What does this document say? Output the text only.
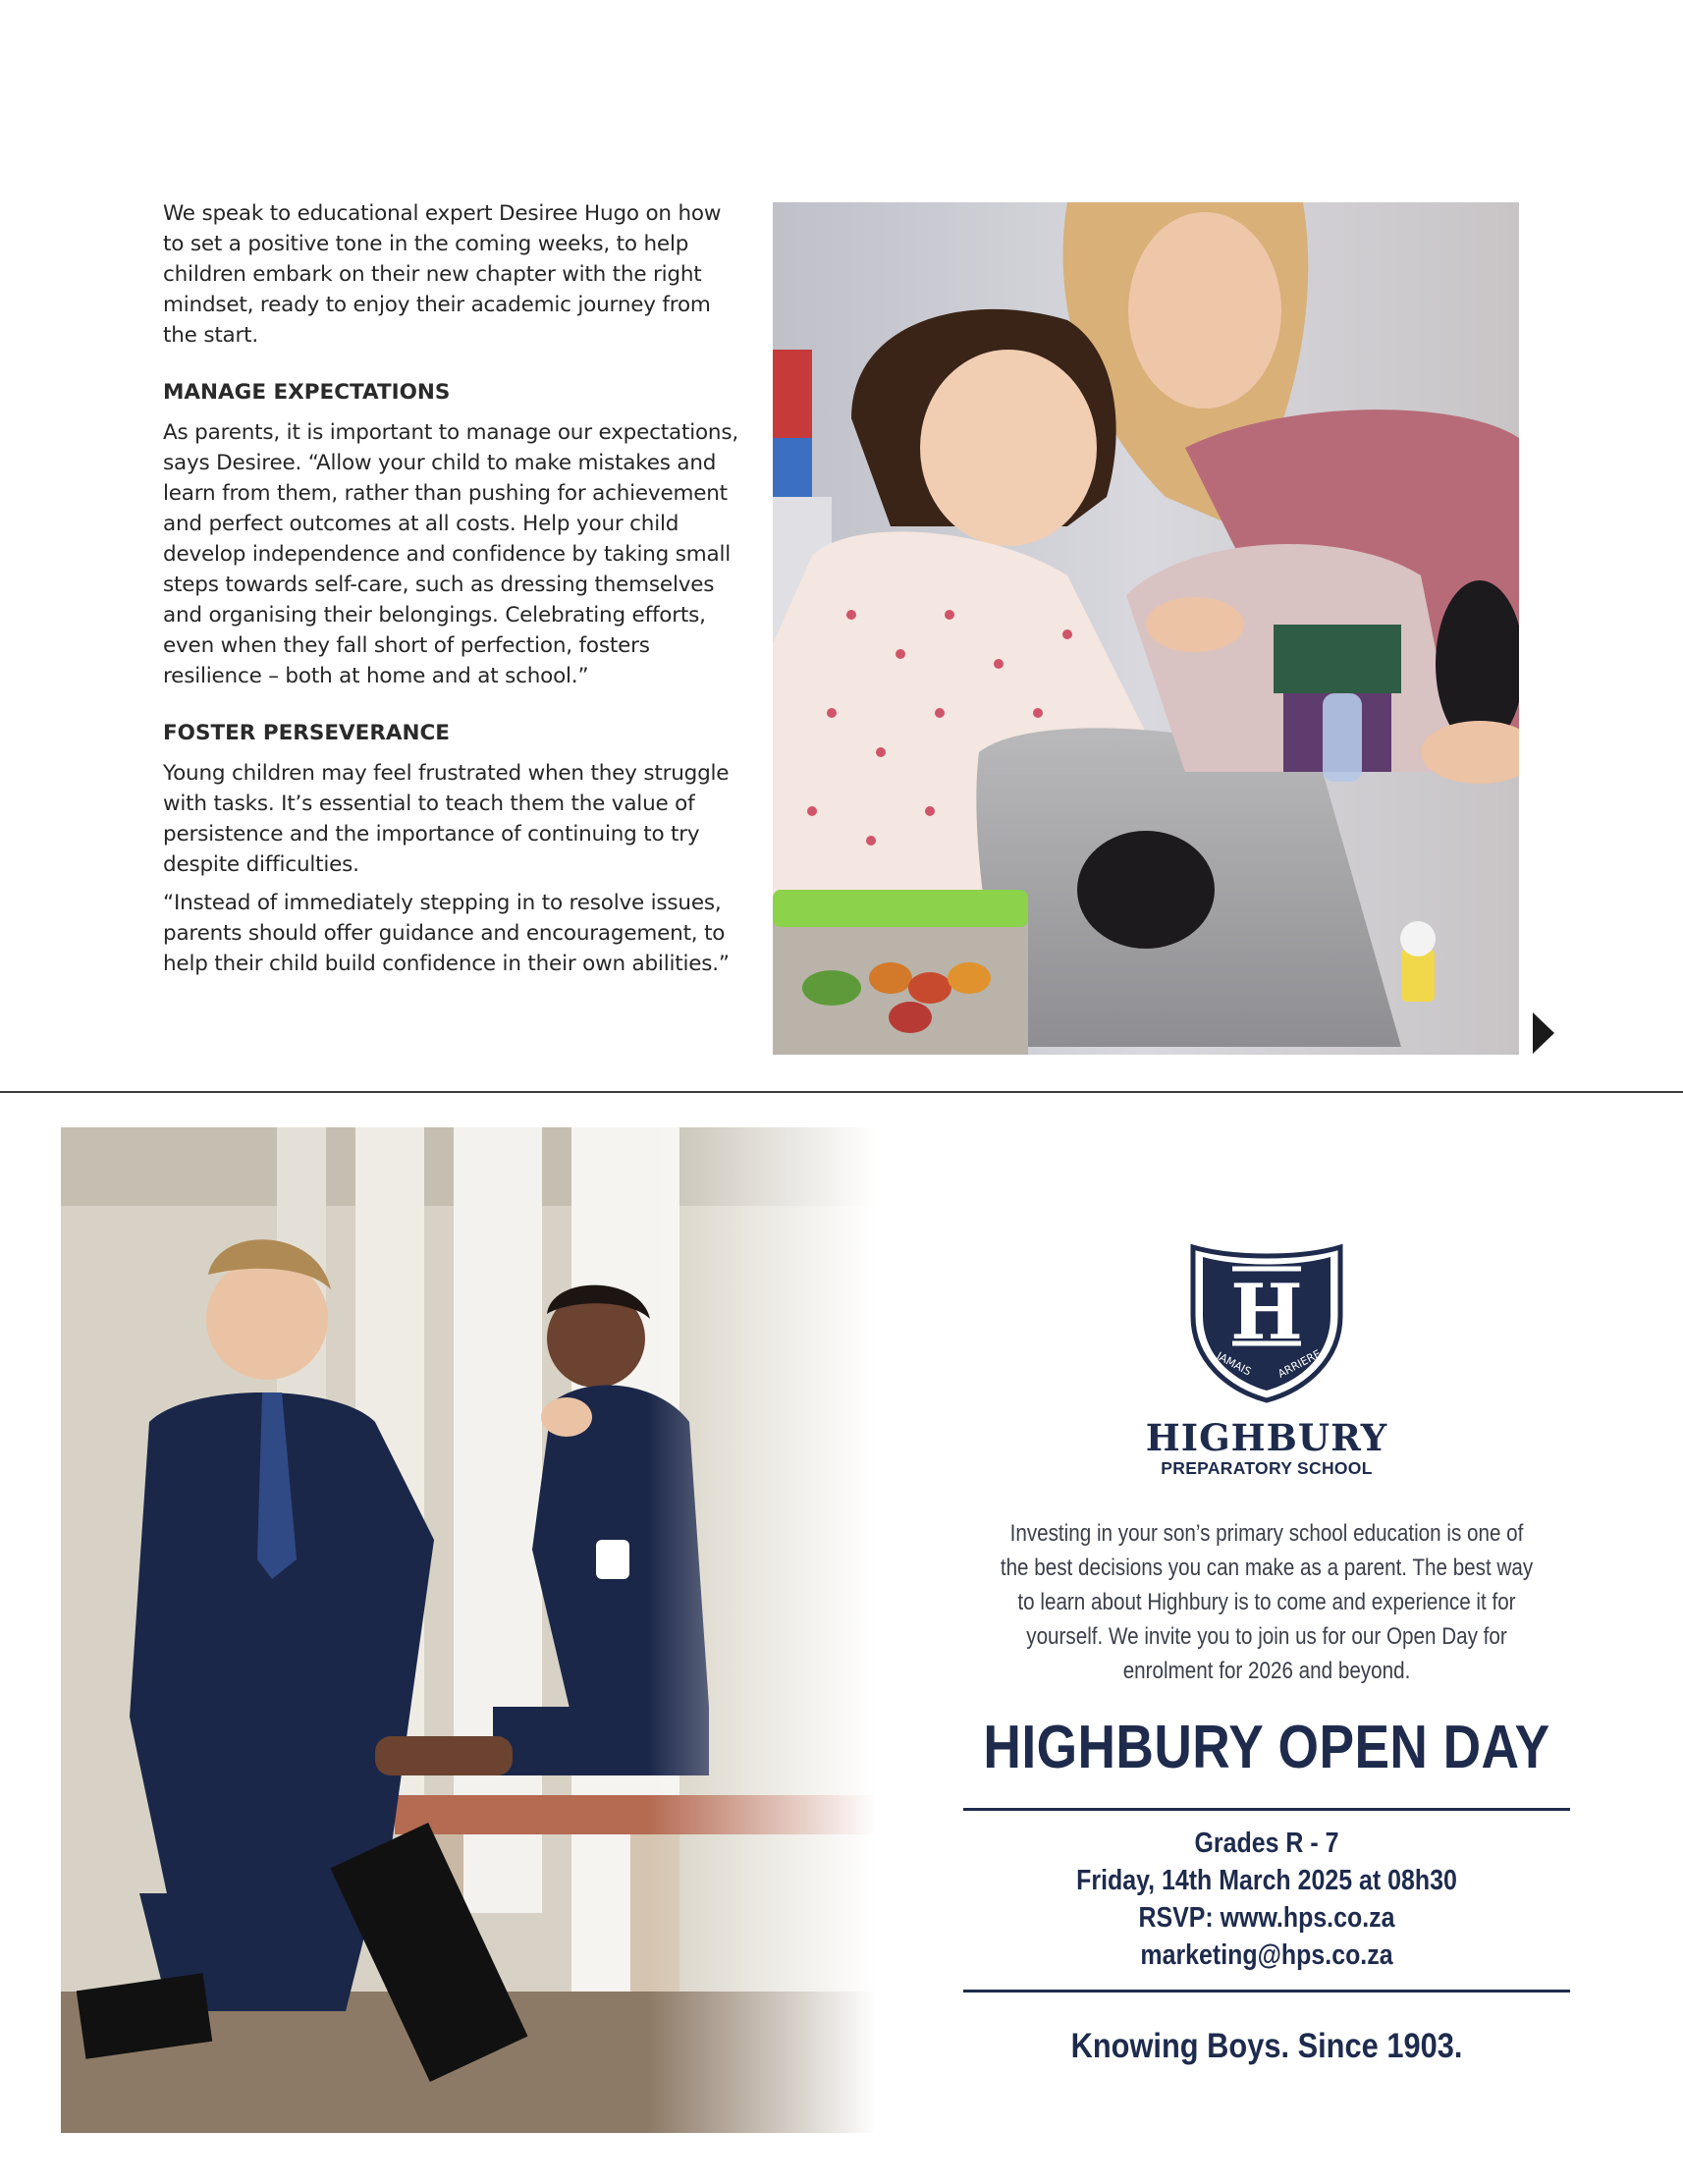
We speak to educational expert Desiree Hugo on how to set a positive tone in the coming weeks, to help children embark on their new chapter with the right mindset, ready to enjoy their academic journey from the start.

MANAGE EXPECTATIONS

As parents, it is important to manage our expectations, says Desiree. “Allow your child to make mistakes and learn from them, rather than pushing for achievement and perfect outcomes at all costs. Help your child develop independence and confidence by taking small steps towards self-care, such as dressing themselves and organising their belongings. Celebrating efforts, even when they fall short of perfection, fosters resilience – both at home and at school.”

FOSTER PERSEVERANCE

Young children may feel frustrated when they struggle with tasks. It’s essential to teach them the value of persistence and the importance of continuing to try despite difficulties.

“Instead of immediately stepping in to resolve issues, parents should offer guidance and encouragement, to help their child build confidence in their own abilities.”

H
JAMAIS ARRIERE
HIGHBURY
PREPARATORY SCHOOL
Investing in your son’s primary school education is one of the best decisions you can make as a parent. The best way to learn about Highbury is to come and experience it for yourself. We invite you to join us for our Open Day for enrolment for 2026 and beyond.
HIGHBURY OPEN DAY
Grades R - 7
Friday, 14th March 2025 at 08h30
RSVP: www.hps.co.za
marketing@hps.co.za
Knowing Boys. Since 1903.
